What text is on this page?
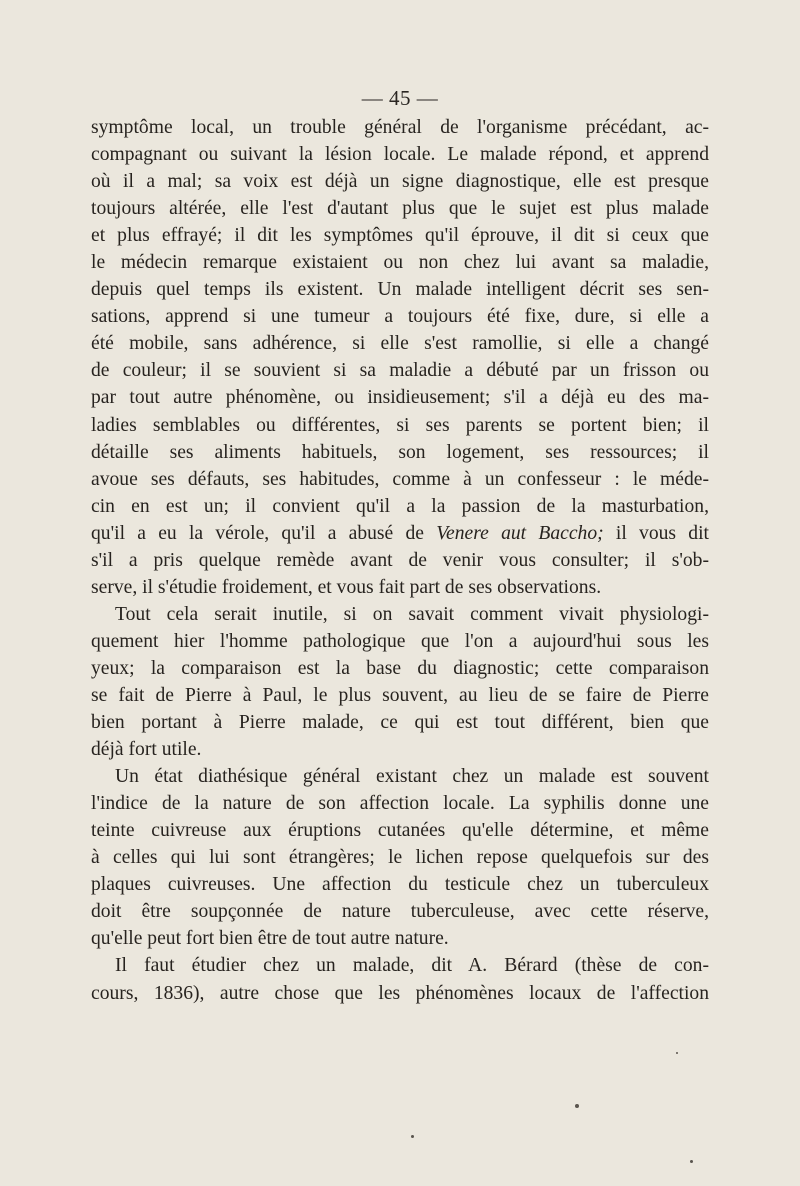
— 45 —
symptôme local, un trouble général de l'organisme précédant, ac-
compagnant ou suivant la lésion locale. Le malade répond, et apprend
où il a mal; sa voix est déjà un signe diagnostique, elle est presque
toujours altérée, elle l'est d'autant plus que le sujet est plus malade
et plus effrayé; il dit les symptômes qu'il éprouve, il dit si ceux que
le médecin remarque existaient ou non chez lui avant sa maladie,
depuis quel temps ils existent. Un malade intelligent décrit ses sen-
sations, apprend si une tumeur a toujours été fixe, dure, si elle a
été mobile, sans adhérence, si elle s'est ramollie, si elle a changé
de couleur; il se souvient si sa maladie a débuté par un frisson ou
par tout autre phénomène, ou insidieusement; s'il a déjà eu des ma-
ladies semblables ou différentes, si ses parents se portent bien; il
détaille ses aliments habituels, son logement, ses ressources; il
avoue ses défauts, ses habitudes, comme à un confesseur : le méde-
cin en est un; il convient qu'il a la passion de la masturbation,
qu'il a eu la vérole, qu'il a abusé de Venere aut Baccho; il vous dit
s'il a pris quelque remède avant de venir vous consulter; il s'ob-
serve, il s'étudie froidement, et vous fait part de ses observations.
Tout cela serait inutile, si on savait comment vivait physiologi-
quement hier l'homme pathologique que l'on a aujourd'hui sous les
yeux; la comparaison est la base du diagnostic; cette comparaison
se fait de Pierre à Paul, le plus souvent, au lieu de se faire de Pierre
bien portant à Pierre malade, ce qui est tout différent, bien que
déjà fort utile.
Un état diathésique général existant chez un malade est souvent
l'indice de la nature de son affection locale. La syphilis donne une
teinte cuivreuse aux éruptions cutanées qu'elle détermine, et même
à celles qui lui sont étrangères; le lichen repose quelquefois sur des
plaques cuivreuses. Une affection du testicule chez un tuberculeux
doit être soupçonnée de nature tuberculeuse, avec cette réserve,
qu'elle peut fort bien être de tout autre nature.
Il faut étudier chez un malade, dit A. Bérard (thèse de con-
cours, 1836), autre chose que les phénomènes locaux de l'affection
